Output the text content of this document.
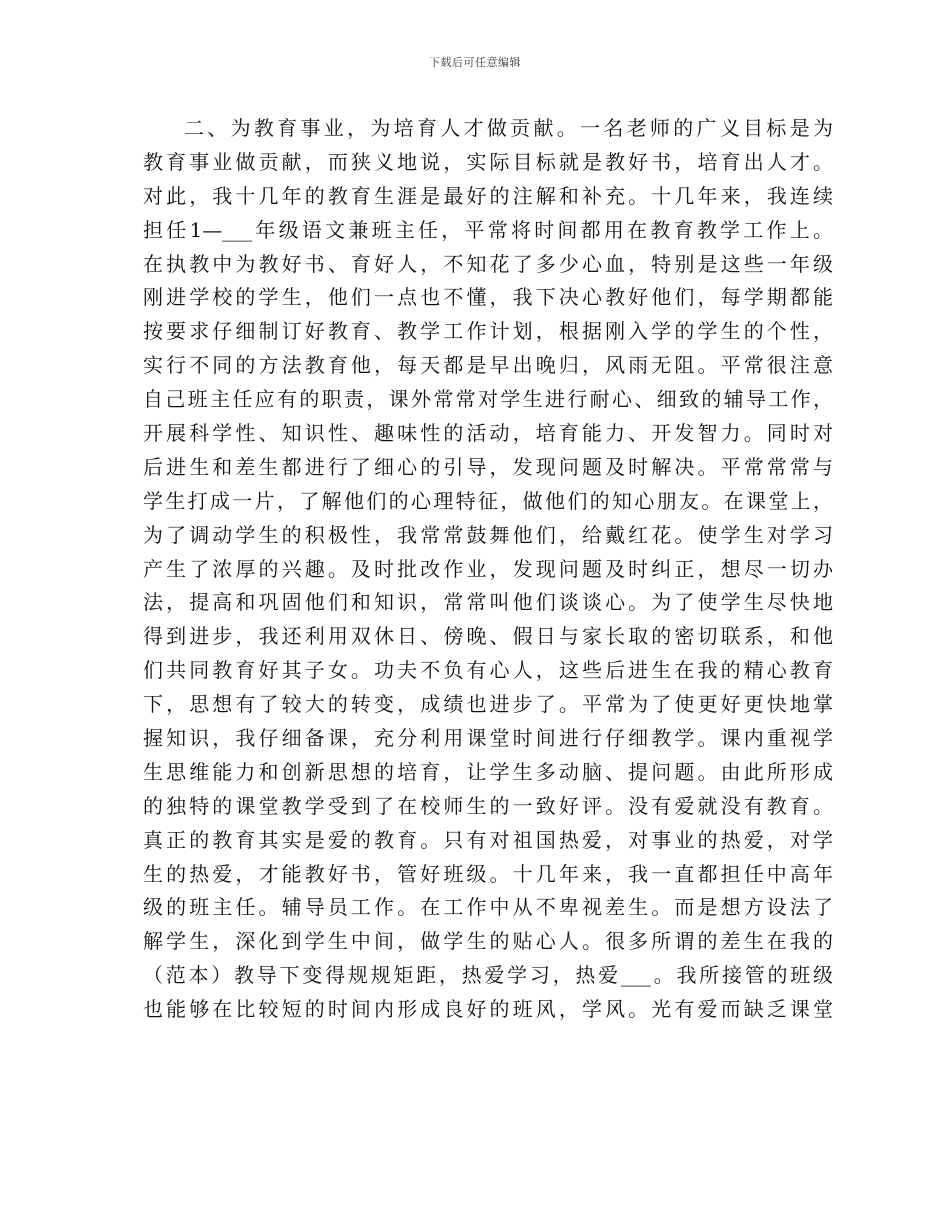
下载后可任意编辑
二、为教育事业，为培育人才做贡献。一名老师的广义目标是为
教育事业做贡献，而狭义地说，实际目标就是教好书，培育出人才。
对此，我十几年的教育生涯是最好的注解和补充。十几年来，我连续
担任1—___年级语文兼班主任，平常将时间都用在教育教学工作上。
在执教中为教好书、育好人，不知花了多少心血，特别是这些一年级
刚进学校的学生，他们一点也不懂，我下决心教好他们，每学期都能
按要求仔细制订好教育、教学工作计划，根据刚入学的学生的个性，
实行不同的方法教育他，每天都是早出晚归，风雨无阻。平常很注意
自己班主任应有的职责，课外常常对学生进行耐心、细致的辅导工作，
开展科学性、知识性、趣味性的活动，培育能力、开发智力。同时对
后进生和差生都进行了细心的引导，发现问题及时解决。平常常常与
学生打成一片，了解他们的心理特征，做他们的知心朋友。在课堂上，
为了调动学生的积极性，我常常鼓舞他们，给戴红花。使学生对学习
产生了浓厚的兴趣。及时批改作业，发现问题及时纠正，想尽一切办
法，提高和巩固他们和知识，常常叫他们谈谈心。为了使学生尽快地
得到进步，我还利用双休日、傍晚、假日与家长取的密切联系，和他
们共同教育好其子女。功夫不负有心人，这些后进生在我的精心教育
下，思想有了较大的转变，成绩也进步了。平常为了使更好更快地掌
握知识，我仔细备课，充分利用课堂时间进行仔细教学。课内重视学
生思维能力和创新思想的培育，让学生多动脑、提问题。由此所形成
的独特的课堂教学受到了在校师生的一致好评。没有爱就没有教育。
真正的教育其实是爱的教育。只有对祖国热爱，对事业的热爱，对学
生的热爱，才能教好书，管好班级。十几年来，我一直都担任中高年
级的班主任。辅导员工作。在工作中从不卑视差生。而是想方设法了
解学生，深化到学生中间，做学生的贴心人。很多所谓的差生在我的
（范本）教导下变得规规矩距，热爱学习，热爱___。我所接管的班级
也能够在比较短的时间内形成良好的班风，学风。光有爱而缺乏课堂
